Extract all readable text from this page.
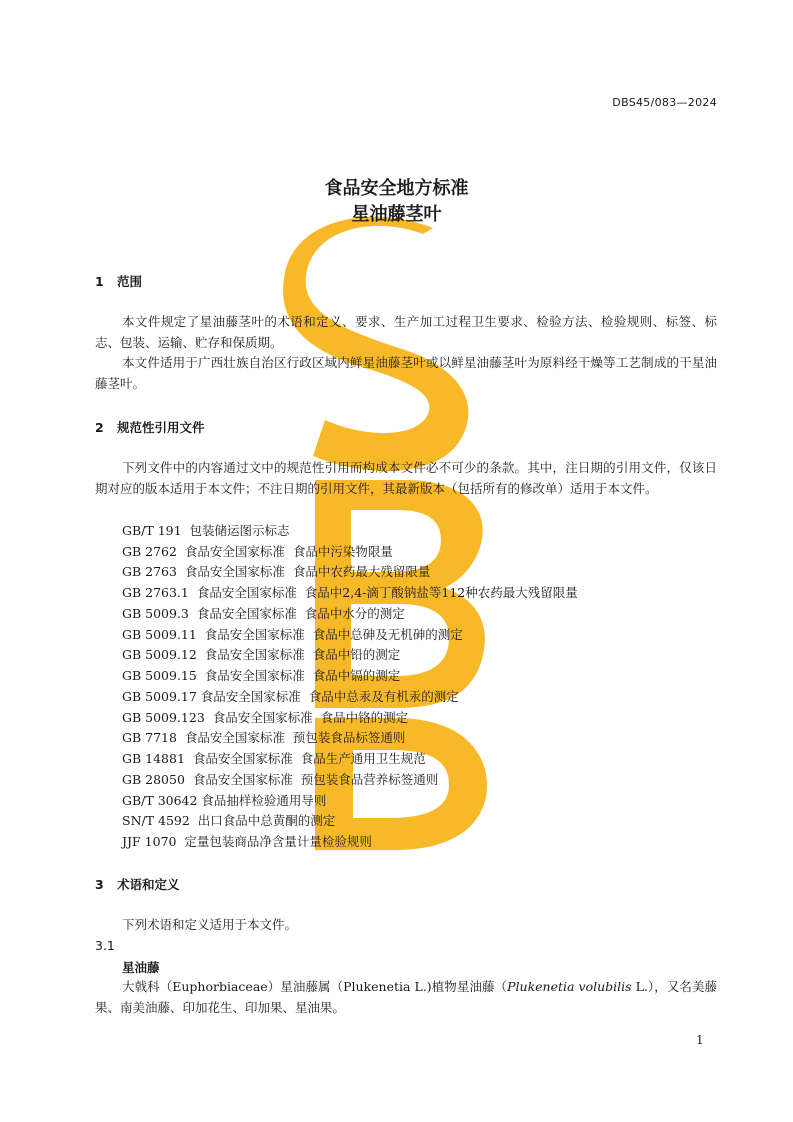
DBS45/083—2024
食品安全地方标准
星油藤茎叶
1 范围
本文件规定了星油藤茎叶的术语和定义、要求、生产加工过程卫生要求、检验方法、检验规则、标签、标志、包装、运输、贮存和保质期。
本文件适用于广西壮族自治区行政区域内鲜星油藤茎叶或以鲜星油藤茎叶为原料经干燥等工艺制成的干星油藤茎叶。
2 规范性引用文件
下列文件中的内容通过文中的规范性引用而构成本文件必不可少的条款。其中，注日期的引用文件，仅该日期对应的版本适用于本文件；不注日期的引用文件，其最新版本（包括所有的修改单）适用于本文件。
GB/T 191  包装储运图示标志
GB 2762  食品安全国家标准  食品中污染物限量
GB 2763  食品安全国家标准  食品中农药最大残留限量
GB 2763.1  食品安全国家标准  食品中2,4-滴丁酸钠盐等112种农药最大残留限量
GB 5009.3  食品安全国家标准  食品中水分的测定
GB 5009.11  食品安全国家标准  食品中总砷及无机砷的测定
GB 5009.12  食品安全国家标准  食品中铅的测定
GB 5009.15  食品安全国家标准  食品中镉的测定
GB 5009.17 食品安全国家标准  食品中总汞及有机汞的测定
GB 5009.123  食品安全国家标准  食品中铬的测定
GB 7718  食品安全国家标准  预包装食品标签通则
GB 14881  食品安全国家标准  食品生产通用卫生规范
GB 28050  食品安全国家标准  预包装食品营养标签通则
GB/T 30642 食品抽样检验通用导则
SN/T 4592  出口食品中总黄酮的测定
JJF 1070  定量包装商品净含量计量检验规则
3 术语和定义
下列术语和定义适用于本文件。
3.1
星油藤
大戟科（Euphorbiaceae）星油藤属（Plukenetia L.)植物星油藤（Plukenetia volubilis L.），又名美藤果、南美油藤、印加花生、印加果、星油果。
1
